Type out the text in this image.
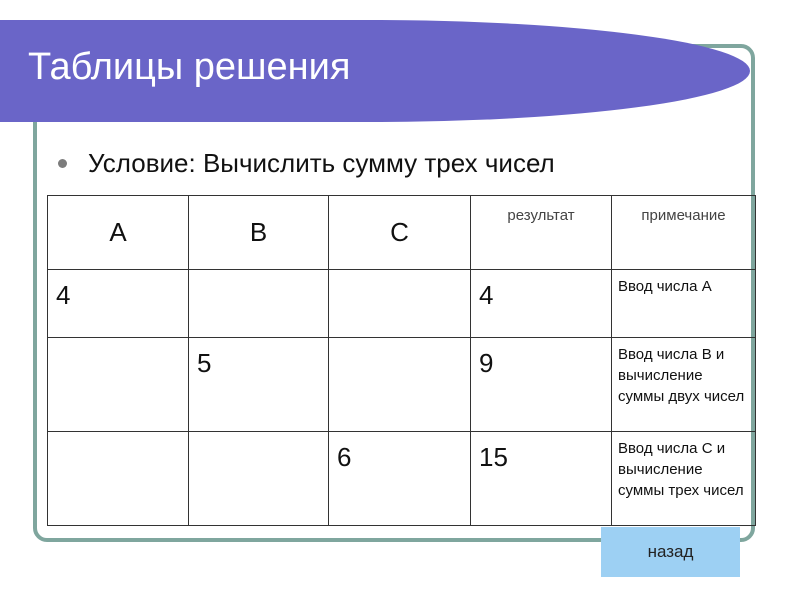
Таблицы решения
Условие: Вычислить сумму трех чисел
A	B	C	результат	примечание
4			4	Ввод числа А
	5		9	Ввод числа В и вычисление суммы двух чисел
		6	15	Ввод числа С и вычисление суммы трех чисел
назад
